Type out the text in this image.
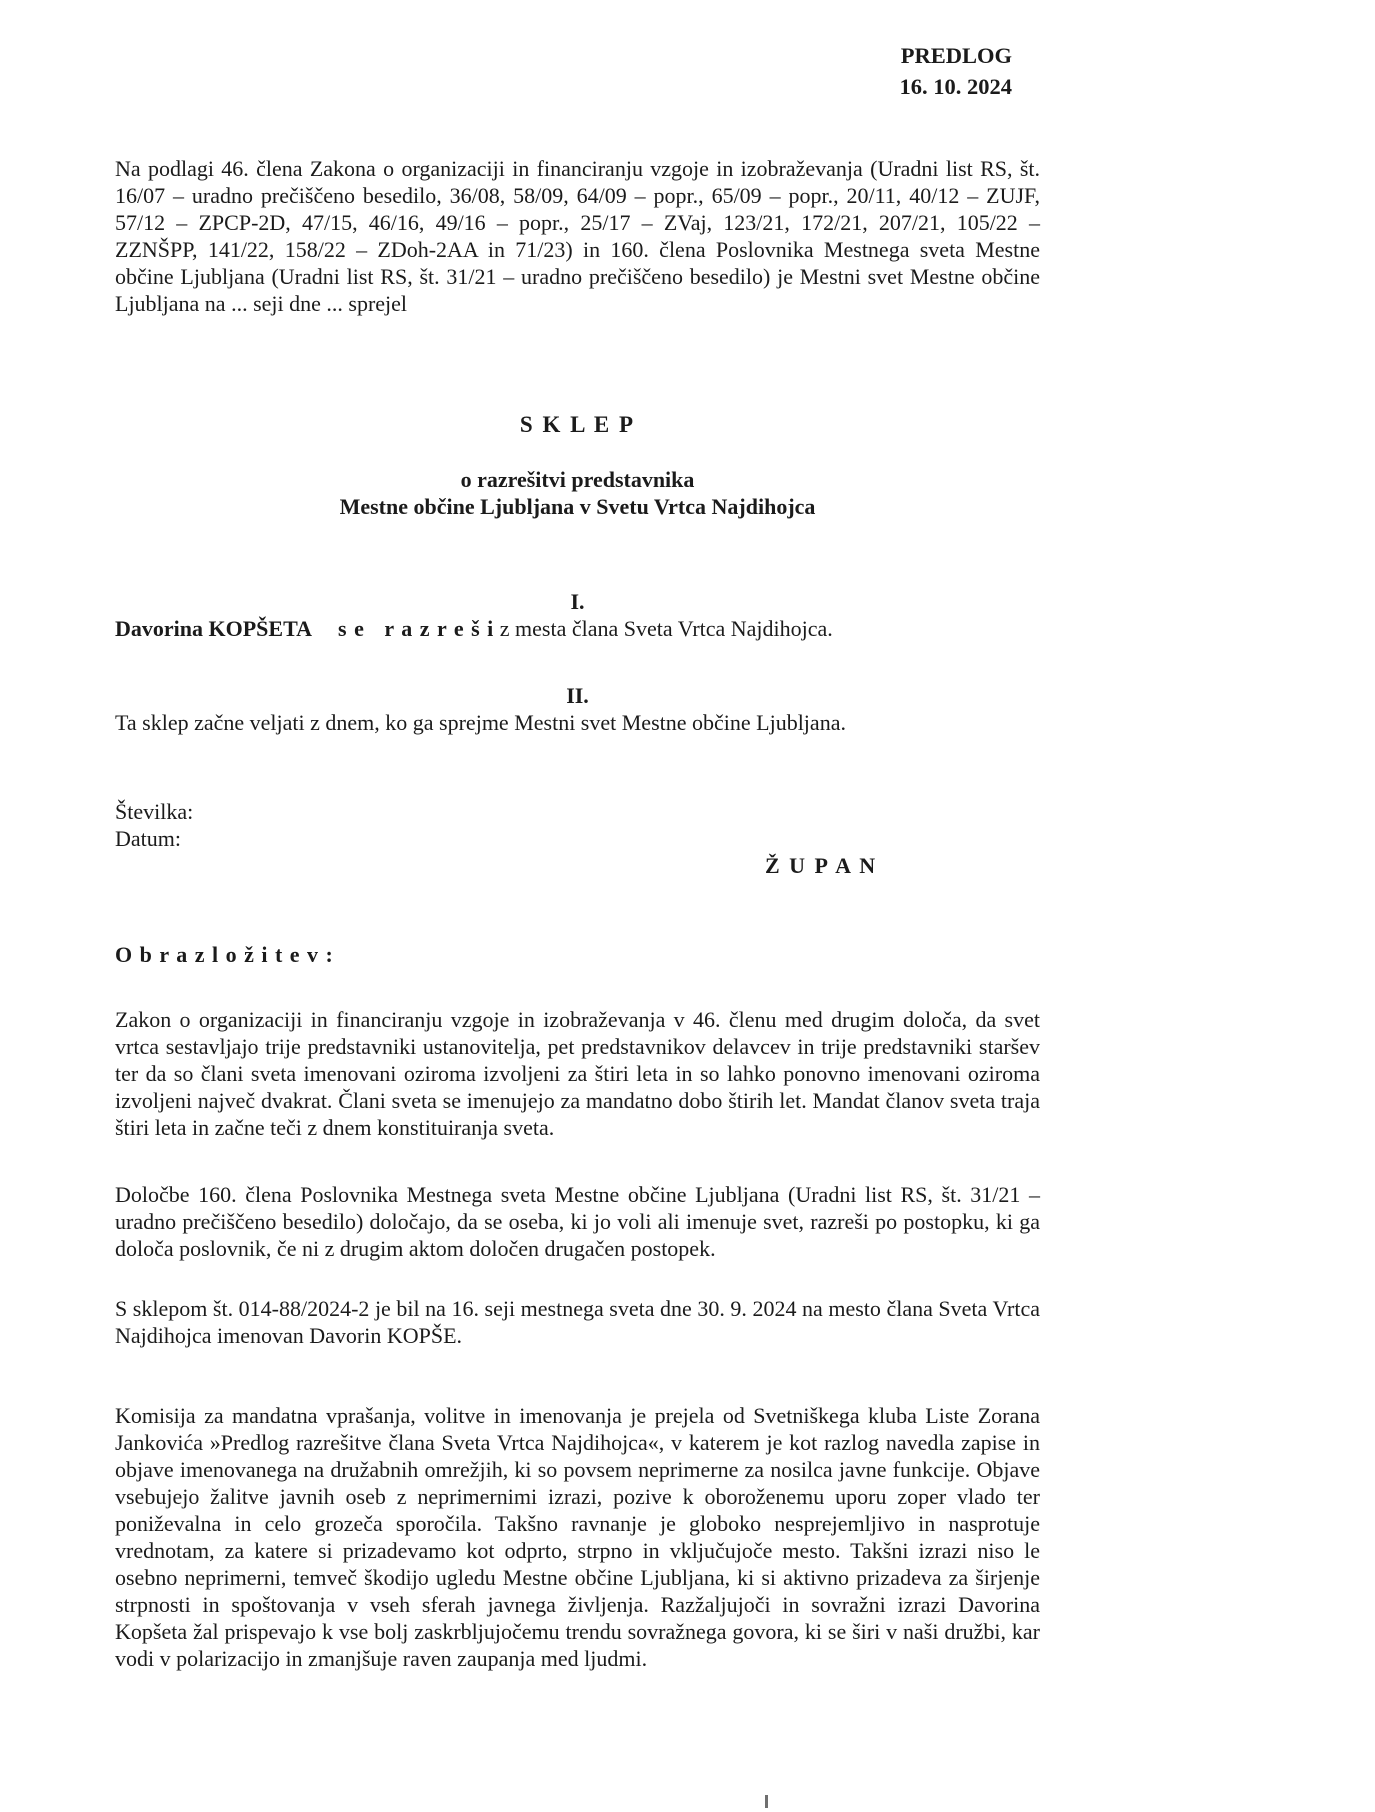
PREDLOG
16. 10. 2024

Na podlagi 46. člena Zakona o organizaciji in financiranju vzgoje in izobraževanja (Uradni list RS, št. 16/07 – uradno prečiščeno besedilo, 36/08, 58/09, 64/09 – popr., 65/09 – popr., 20/11, 40/12 – ZUJF, 57/12 – ZPCP-2D, 47/15, 46/16, 49/16 – popr., 25/17 – ZVaj, 123/21, 172/21, 207/21, 105/22 – ZZNŠPP, 141/22, 158/22 – ZDoh-2AA in 71/23) in 160. člena Poslovnika Mestnega sveta Mestne občine Ljubljana (Uradni list RS, št. 31/21 – uradno prečiščeno besedilo) je Mestni svet Mestne občine Ljubljana na ... seji dne ... sprejel

S K L E P
o razrešitvi predstavnika
Mestne občine Ljubljana v Svetu Vrtca Najdihojca
I.

Davorina KOPŠETA s e   r a z r e š i z mesta člana Sveta Vrtca Najdihojca.

II.

Ta sklep začne veljati z dnem, ko ga sprejme Mestni svet Mestne občine Ljubljana.

Številka:

Datum:

Ž U P A N
O b r a z l o ž i t e v :

Zakon o organizaciji in financiranju vzgoje in izobraževanja v 46. členu med drugim določa, da svet vrtca sestavljajo trije predstavniki ustanovitelja, pet predstavnikov delavcev in trije predstavniki staršev ter da so člani sveta imenovani oziroma izvoljeni za štiri leta in so lahko ponovno imenovani oziroma izvoljeni največ dvakrat. Člani sveta se imenujejo za mandatno dobo štirih let. Mandat članov sveta traja štiri leta in začne teči z dnem konstituiranja sveta.

Določbe 160. člena Poslovnika Mestnega sveta Mestne občine Ljubljana (Uradni list RS, št. 31/21 – uradno prečiščeno besedilo) določajo, da se oseba, ki jo voli ali imenuje svet, razreši po postopku, ki ga določa poslovnik, če ni z drugim aktom določen drugačen postopek.

S sklepom št. 014-88/2024-2 je bil na 16. seji mestnega sveta dne 30. 9. 2024 na mesto člana Sveta Vrtca Najdihojca imenovan Davorin KOPŠE.

Komisija za mandatna vprašanja, volitve in imenovanja je prejela od Svetniškega kluba Liste Zorana Jankovića »Predlog razrešitve člana Sveta Vrtca Najdihojca«, v katerem je kot razlog navedla zapise in objave imenovanega na družabnih omrežjih, ki so povsem neprimerne za nosilca javne funkcije. Objave vsebujejo žalitve javnih oseb z neprimernimi izrazi, pozive k oboroženemu uporu zoper vlado ter poniževalna in celo grozeča sporočila. Takšno ravnanje je globoko nesprejemljivo in nasprotuje vrednotam, za katere si prizadevamo kot odprto, strpno in vključujoče mesto. Takšni izrazi niso le osebno neprimerni, temveč škodijo ugledu Mestne občine Ljubljana, ki si aktivno prizadeva za širjenje strpnosti in spoštovanja v vseh sferah javnega življenja. Razžaljujoči in sovražni izrazi Davorina Kopšeta žal prispevajo k vse bolj zaskrbljujočemu trendu sovražnega govora, ki se širi v naši družbi, kar vodi v polarizacijo in zmanjšuje raven zaupanja med ljudmi.
